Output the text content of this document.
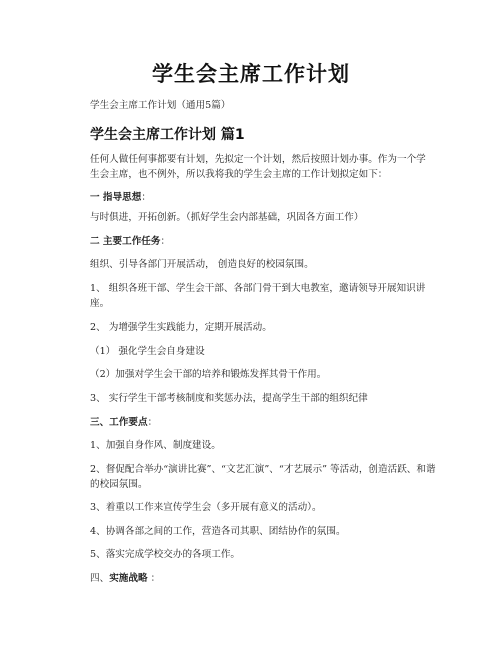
学生会主席工作计划
学生会主席工作计划（通用5篇）
学生会主席工作计划 篇1
任何人做任何事都要有计划，先拟定一个计划，然后按照计划办事。作为一个学生会主席，也不例外，所以我将我的学生会主席的工作计划拟定如下：
一 指导思想：
与时俱进，开拓创新。（抓好学生会内部基础，巩固各方面工作）
二 主要工作任务：
组织、引导各部门开展活动， 创造良好的校园氛围。
1、 组织各班干部、学生会干部、各部门骨干到大电教室，邀请领导开展知识讲座。
2、 为增强学生实践能力，定期开展活动。
（1） 强化学生会自身建设
（2）加强对学生会干部的培养和锻炼发挥其骨干作用。
3、 实行学生干部考核制度和奖惩办法，提高学生干部的组织纪律
三、工作要点：
1、加强自身作风、制度建设。
2、督促配合举办“演讲比赛”、“文艺汇演”、“才艺展示” 等活动，创造活跃、和谐的校园氛围。
3、着重以工作来宣传学生会（多开展有意义的活动）。
4、协调各部之间的工作，营造各司其职、团结协作的氛围。
5、落实完成学校交办的各项工作。
四、实施战略 ：
